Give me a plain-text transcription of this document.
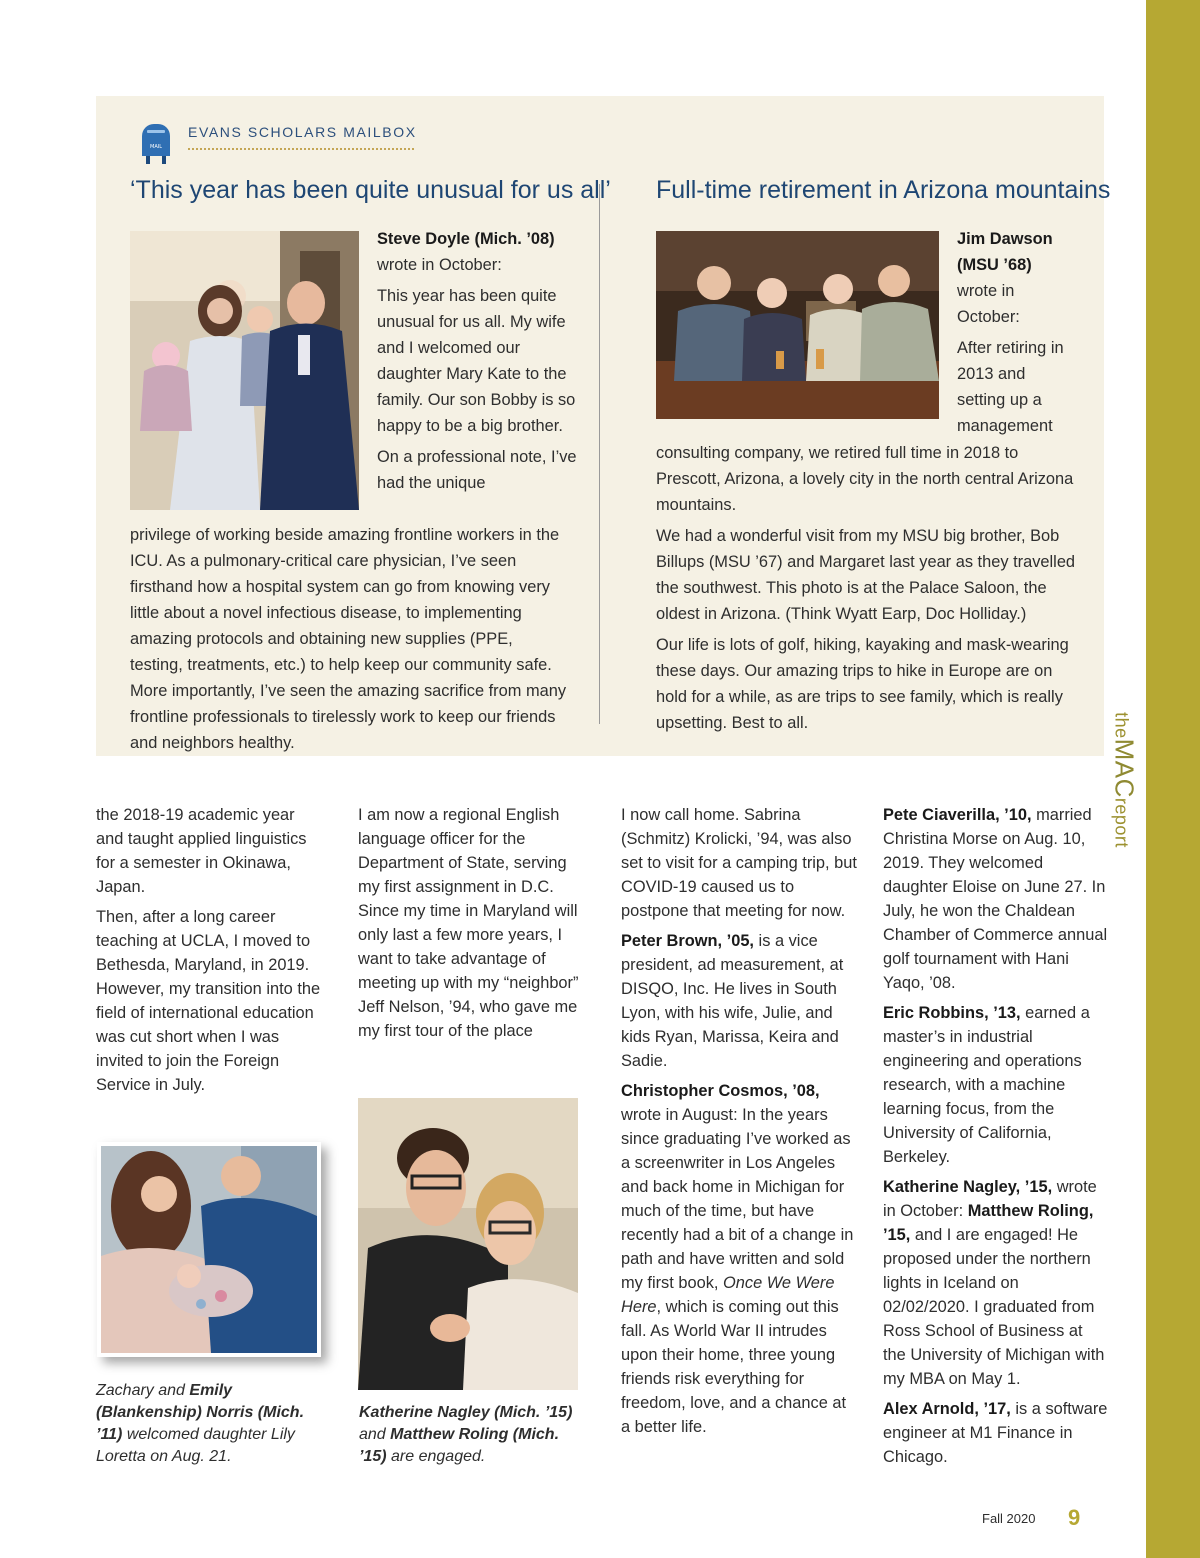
theMACreport
MAIL
EVANS SCHOLARS MAILBOX
‘This year has been quite unusual for us all’

Steve Doyle (Mich. ’08)
wrote in October:

This year has been quite unusual for us all. My wife and I welcomed our daughter Mary Kate to the family. Our son Bobby is so happy to be a big brother.

On a professional note, I’ve had the unique

privilege of working beside amazing frontline workers in the ICU. As a pulmonary-critical care physician, I’ve seen firsthand how a hospital system can go from knowing very little about a novel infectious disease, to implementing amazing protocols and obtaining new supplies (PPE, testing, treatments, etc.) to help keep our community safe. More importantly, I’ve seen the amazing sacrifice from many frontline professionals to tirelessly work to keep our friends and neighbors healthy.

Full-time retirement in Arizona mountains

Jim Dawson (MSU ’68)
wrote in October:

After retiring in 2013 and setting up a management

consulting company, we retired full time in 2018 to Prescott, Arizona, a lovely city in the north central Arizona mountains.

We had a wonderful visit from my MSU big brother, Bob Billups (MSU ’67) and Margaret last year as they travelled the southwest. This photo is at the Palace Saloon, the oldest in Arizona. (Think Wyatt Earp, Doc Holliday.)

Our life is lots of golf, hiking, kayaking and mask-wearing these days. Our amazing trips to hike in Europe are on hold for a while, as are trips to see family, which is really upsetting. Best to all.

the 2018-19 academic year and taught applied linguistics for a semester in Okinawa, Japan.

Then, after a long career teaching at UCLA, I moved to Bethesda, Maryland, in 2019. However, my transition into the field of international education was cut short when I was invited to join the Foreign Service in July.

I am now a regional English language officer for the Department of State, serving my first assignment in D.C. Since my time in Maryland will only last a few more years, I want to take advantage of meeting up with my “neighbor” Jeff Nelson, ’94, who gave me my first tour of the place

I now call home. Sabrina (Schmitz) Krolicki, ’94, was also set to visit for a camping trip, but COVID-19 caused us to postpone that meeting for now.

Peter Brown, ’05, is a vice president, ad measurement, at DISQO, Inc. He lives in South Lyon, with his wife, Julie, and kids Ryan, Marissa, Keira and Sadie.

Christopher Cosmos, ’08, wrote in August: In the years since graduating I’ve worked as a screenwriter in Los Angeles and back home in Michigan for much of the time, but have recently had a bit of a change in path and have written and sold my first book, Once We Were Here, which is coming out this fall. As World War II intrudes upon their home, three young friends risk everything for freedom, love, and a chance at a better life.

Pete Ciaverilla, ’10, married Christina Morse on Aug. 10, 2019. They welcomed daughter Eloise on June 27. In July, he won the Chaldean Chamber of Commerce annual golf tournament with Hani Yaqo, ’08.

Eric Robbins, ’13, earned a master’s in industrial engineering and operations research, with a machine learning focus, from the University of California, Berkeley.

Katherine Nagley, ’15, wrote in October: Matthew Roling, ’15, and I are engaged! He proposed under the northern lights in Iceland on 02/02/2020. I graduated from Ross School of Business at the University of Michigan with my MBA on May 1.

Alex Arnold, ’17, is a software engineer at M1 Finance in Chicago.

Zachary and Emily (Blankenship) Norris (Mich. ’11) welcomed daughter Lily Loretta on Aug. 21.
Katherine Nagley (Mich. ’15) and Matthew Roling (Mich. ’15) are engaged.
Fall 2020 9
